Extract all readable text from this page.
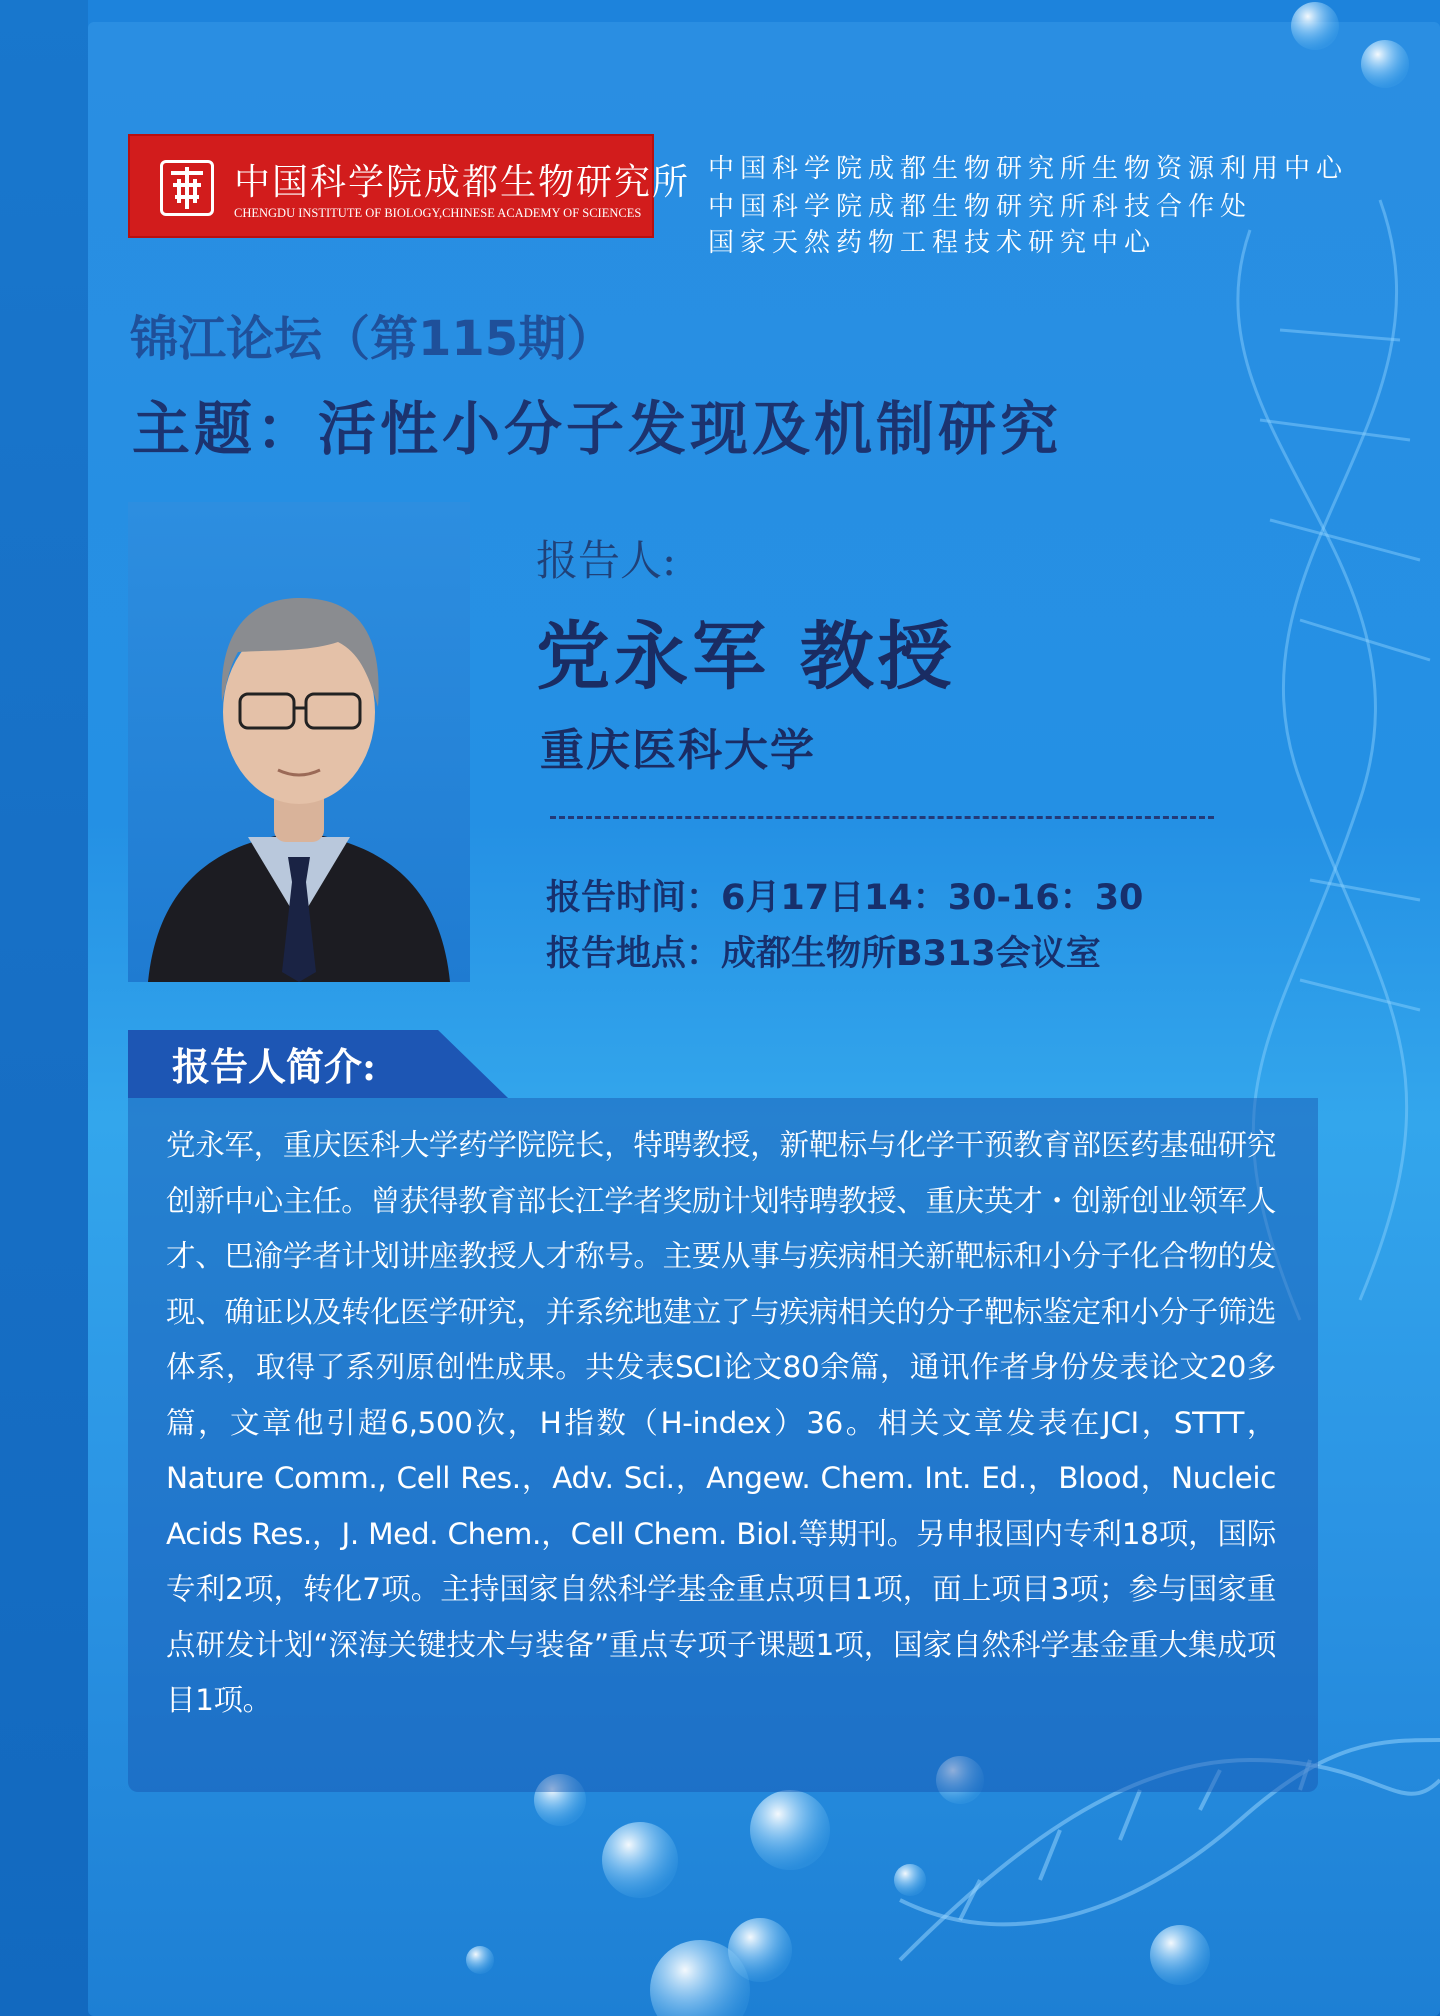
中国科学院成都生物研究所
CHENGDU INSTITUTE OF BIOLOGY,CHINESE ACADEMY OF SCIENCES
中国科学院成都生物研究所生物资源利用中心
中国科学院成都生物研究所科技合作处
国家天然药物工程技术研究中心
锦江论坛（第115期）
主题：活性小分子发现及机制研究
报告人:
党永军 教授
重庆医科大学
报告时间：6月17日14：30-16：30
报告地点：成都生物所B313会议室
报告人简介:
党永军，重庆医科大学药学院院长，特聘教授，新靶标与化学干预教育部医药基础研究创新中心主任。曾获得教育部长江学者奖励计划特聘教授、重庆英才・创新创业领军人才、巴渝学者计划讲座教授人才称号。主要从事与疾病相关新靶标和小分子化合物的发现、确证以及转化医学研究，并系统地建立了与疾病相关的分子靶标鉴定和小分子筛选体系，取得了系列原创性成果。共发表SCI论文80余篇，通讯作者身份发表论文20多篇，文章他引超6,500次，H指数（H-index）36。相关文章发表在JCI，STTT，Nature Comm., Cell Res.，Adv. Sci.，Angew. Chem. Int. Ed.，Blood，Nucleic Acids Res.，J. Med. Chem.，Cell Chem. Biol.等期刊。另申报国内专利18项，国际专利2项，转化7项。主持国家自然科学基金重点项目1项，面上项目3项；参与国家重点研发计划“深海关键技术与装备”重点专项子课题1项，国家自然科学基金重大集成项目1项。
